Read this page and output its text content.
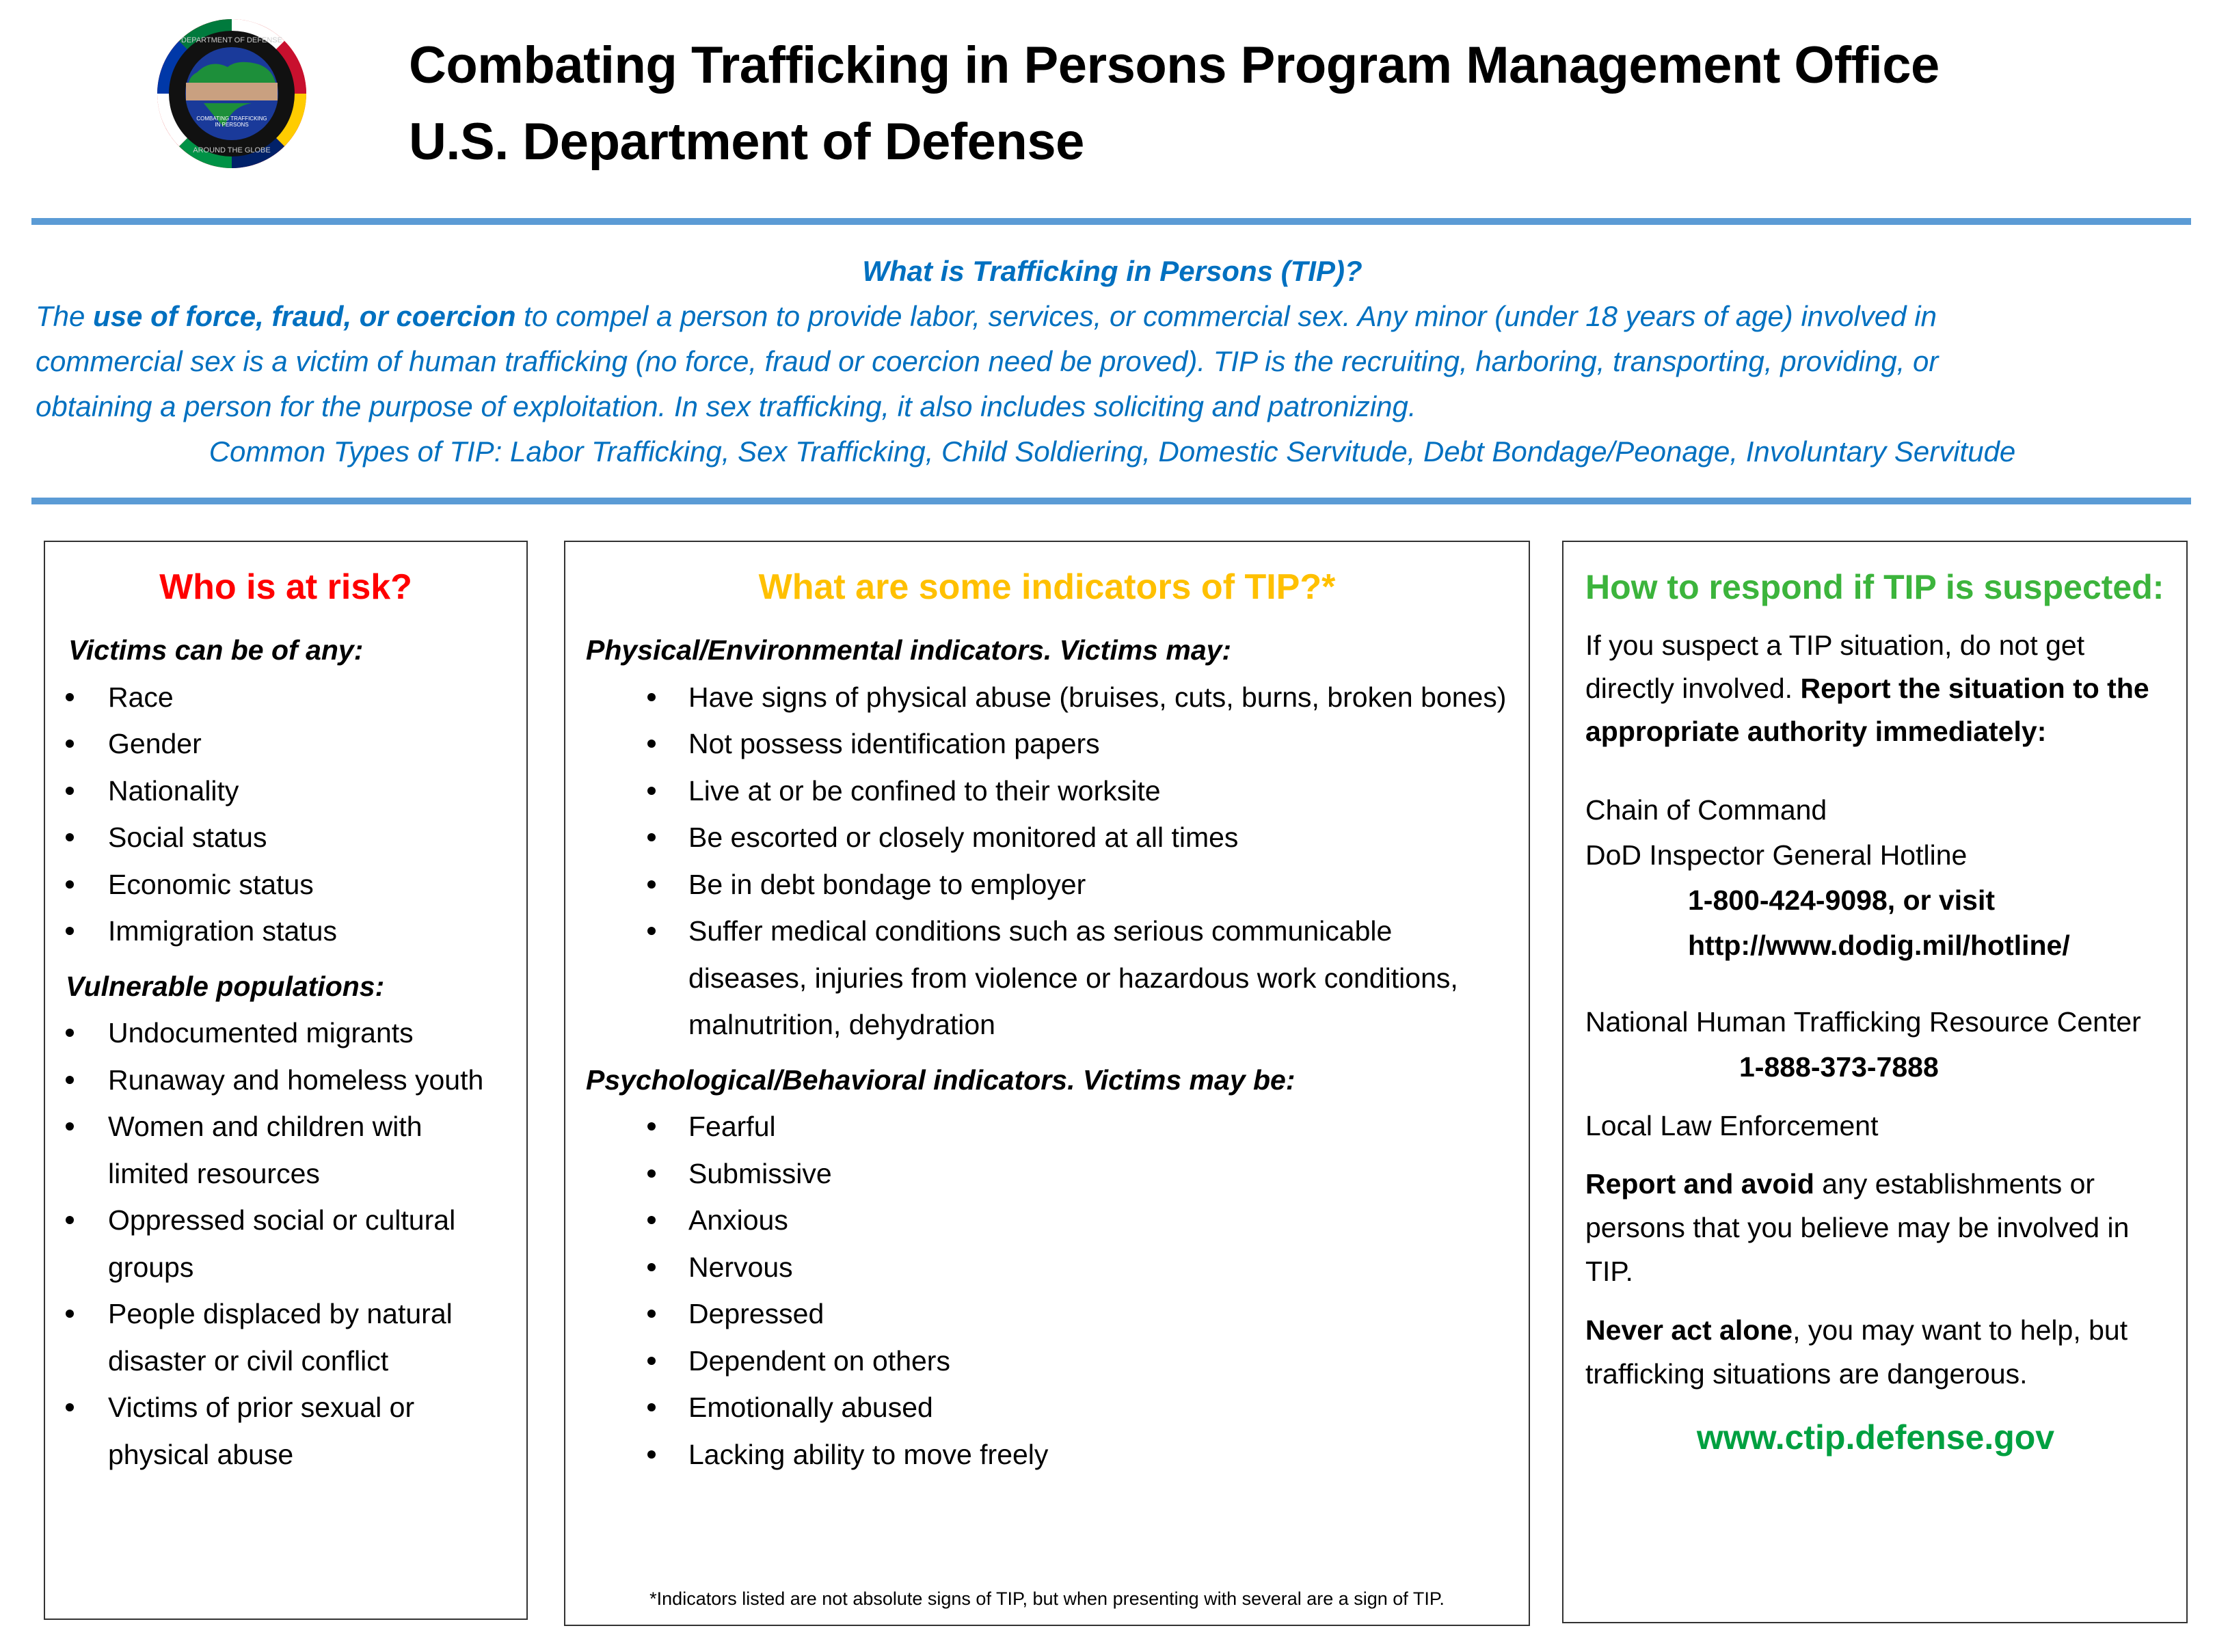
COMBATING TRAFFICKING
IN PERSONS
DEPARTMENT OF DEFENSE
AROUND THE GLOBE
Combating Trafficking in Persons Program Management Office
U.S. Department of Defense
What is Trafficking in Persons (TIP)?
The use of force, fraud, or coercion to compel a person to provide labor, services, or commercial sex. Any minor (under 18 years of age) involved in
commercial sex is a victim of human trafficking (no force, fraud or coercion need be proved). TIP is the recruiting, harboring, transporting, providing, or
obtaining a person for the purpose of exploitation. In sex trafficking, it also includes soliciting and patronizing.
Common Types of TIP: Labor Trafficking, Sex Trafficking, Child Soldiering, Domestic Servitude, Debt Bondage/Peonage, Involuntary Servitude
Who is at risk?

Victims can be of any:

Race
Gender
Nationality
Social status
Economic status
Immigration status

Vulnerable populations:

Undocumented migrants
Runaway and homeless youth
Women and children with limited resources
Oppressed social or cultural groups
People displaced by natural disaster or civil conflict
Victims of prior sexual or physical abuse
What are some indicators of TIP?*

Physical/Environmental indicators. Victims may:

Have signs of physical abuse (bruises, cuts, burns, broken bones)
Not possess identification papers
Live at or be confined to their worksite
Be escorted or closely monitored at all times
Be in debt bondage to employer
Suffer medical conditions such as serious communicable diseases, injuries from violence or hazardous work conditions, malnutrition, dehydration

Psychological/Behavioral indicators. Victims may be:

Fearful
Submissive
Anxious
Nervous
Depressed
Dependent on others
Emotionally abused
Lacking ability to move freely
*Indicators listed are not absolute signs of TIP, but when presenting with several are a sign of TIP.
How to respond if TIP is suspected:

If you suspect a TIP situation, do not get directly involved. Report the situation to the appropriate authority immediately:

Chain of Command

DoD Inspector General Hotline

1-800-424-9098, or visit

http://www.dodig.mil/hotline/

National Human Trafficking Resource Center

1-888-373-7888

Local Law Enforcement

Report and avoid any establishments or persons that you believe may be involved in TIP.

Never act alone, you may want to help, but trafficking situations are dangerous.

www.ctip.defense.gov
